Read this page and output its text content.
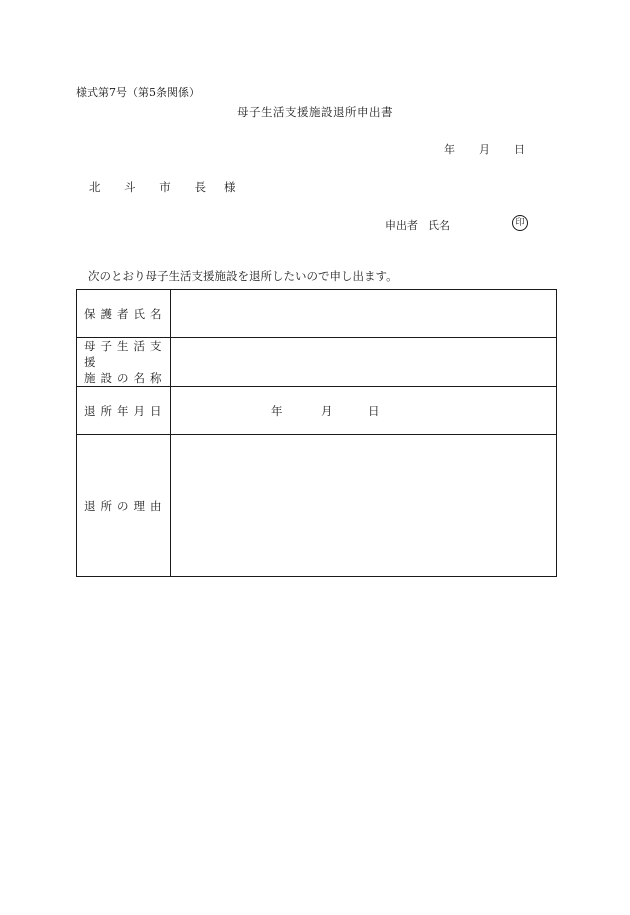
様式第7号（第5条関係）
母子生活支援施設退所申出書
年 月 日
北 斗 市 長 様
申出者 氏名	印
次のとおり母子生活支援施設を退所したいので申し出ます。
保護者氏名	

母子生活支援
施設の名称	

退所年月日	年 月 日

退所の理由	
